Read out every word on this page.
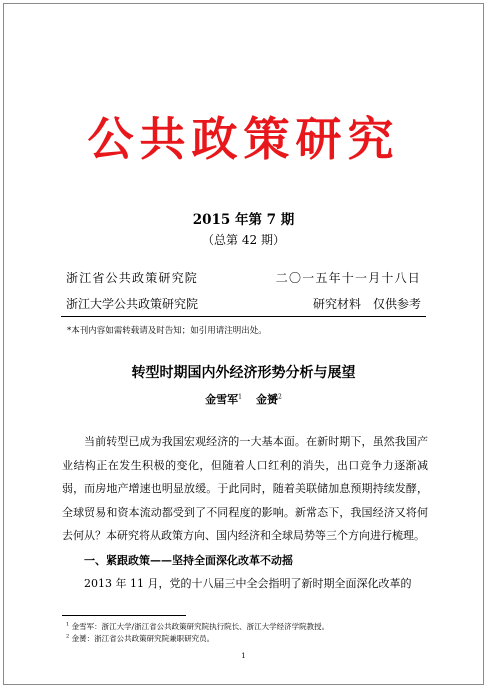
公共政策研究
2015 年第 7 期
（总第 42 期）
浙江省公共政策研究院	二〇一五年十一月十八日
浙江大学公共政策研究院	研究材料 仅供参考
*本刊内容如需转载请及时告知；如引用请注明出处。
转型时期国内外经济形势分析与展望
金雪军$^1$ 金赟$^2$
当前转型已成为我国宏观经济的一大基本面。在新时期下，虽然我国产业结构正在发生积极的变化，但随着人口红利的消失，出口竞争力逐渐减弱，而房地产增速也明显放缓。于此同时，随着美联储加息预期持续发酵，全球贸易和资本流动都受到了不同程度的影响。新常态下，我国经济又将何去何从？本研究将从政策方向、国内经济和全球局势等三个方向进行梳理。
一、紧跟政策——坚持全面深化改革不动摇
2013 年 11 月，党的十八届三中全会指明了新时期全面深化改革的
$^1$ 金雪军：浙江大学/浙江省公共政策研究院执行院长、浙江大学经济学院教授。
$^2$ 金赟：浙江省公共政策研究院兼职研究员。
1
